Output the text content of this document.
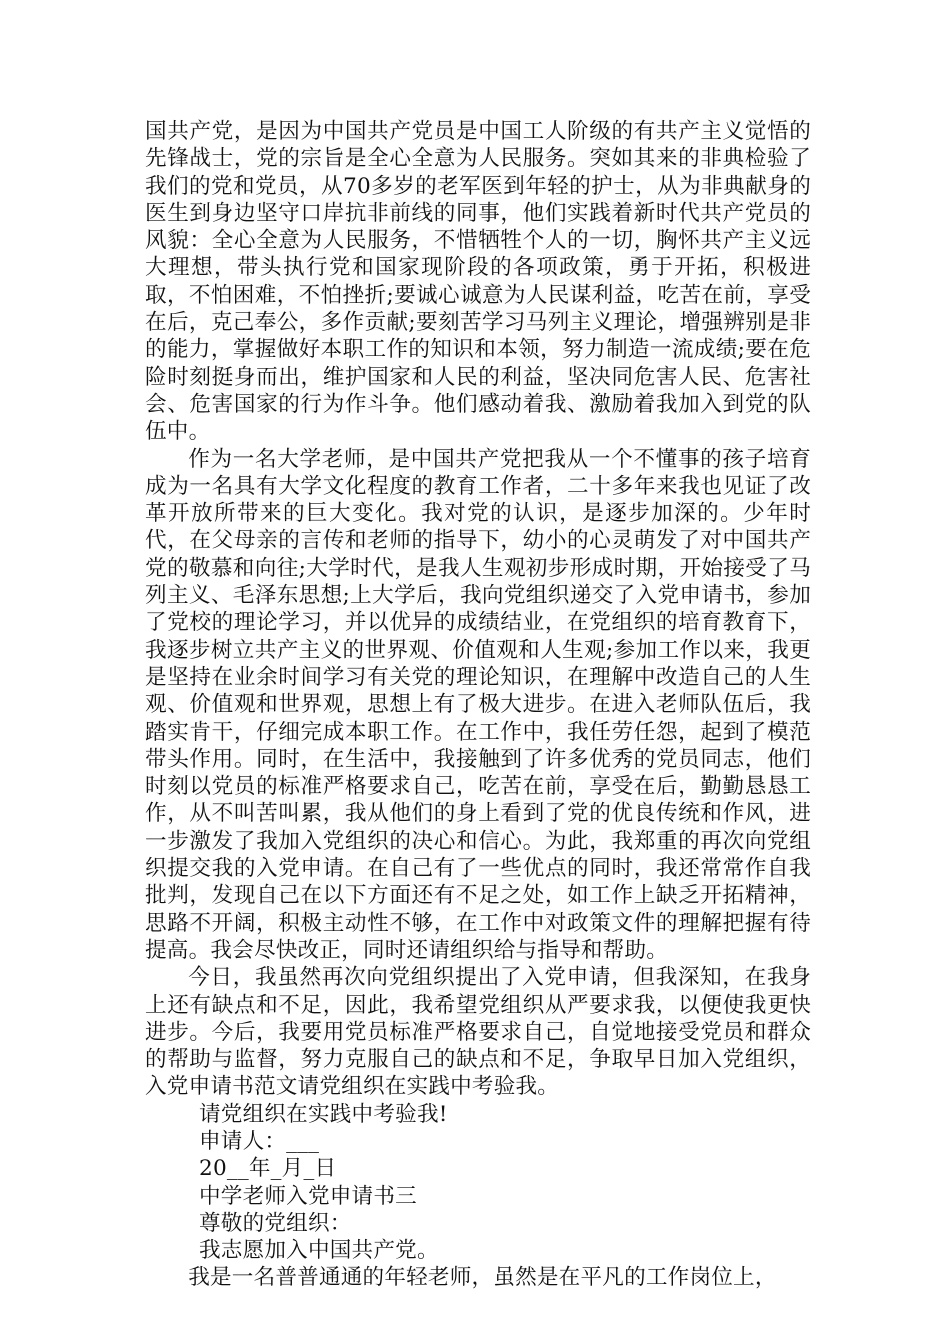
国共产党，是因为中国共产党员是中国工人阶级的有共产主义觉悟的先锋战士，党的宗旨是全心全意为人民服务。突如其来的非典检验了我们的党和党员，从70多岁的老军医到年轻的护士，从为非典献身的医生到身边坚守口岸抗非前线的同事，他们实践着新时代共产党员的风貌：全心全意为人民服务，不惜牺牲个人的一切，胸怀共产主义远大理想，带头执行党和国家现阶段的各项政策，勇于开拓，积极进取，不怕困难，不怕挫折;要诚心诚意为人民谋利益，吃苦在前，享受在后，克己奉公，多作贡献;要刻苦学习马列主义理论，增强辨别是非的能力，掌握做好本职工作的知识和本领，努力制造一流成绩;要在危险时刻挺身而出，维护国家和人民的利益，坚决同危害人民、危害社会、危害国家的行为作斗争。他们感动着我、激励着我加入到党的队伍中。

作为一名大学老师，是中国共产党把我从一个不懂事的孩子培育成为一名具有大学文化程度的教育工作者，二十多年来我也见证了改革开放所带来的巨大变化。我对党的认识，是逐步加深的。少年时代，在父母亲的言传和老师的指导下，幼小的心灵萌发了对中国共产党的敬慕和向往;大学时代，是我人生观初步形成时期，开始接受了马列主义、毛泽东思想;上大学后，我向党组织递交了入党申请书，参加了党校的理论学习，并以优异的成绩结业，在党组织的培育教育下，我逐步树立共产主义的世界观、价值观和人生观;参加工作以来，我更是坚持在业余时间学习有关党的理论知识，在理解中改造自己的人生观、价值观和世界观，思想上有了极大进步。在进入老师队伍后，我踏实肯干，仔细完成本职工作。在工作中，我任劳任怨，起到了模范带头作用。同时，在生活中，我接触到了许多优秀的党员同志，他们时刻以党员的标准严格要求自己，吃苦在前，享受在后，勤勤恳恳工作，从不叫苦叫累，我从他们的身上看到了党的优良传统和作风，进一步激发了我加入党组织的决心和信心。为此，我郑重的再次向党组织提交我的入党申请。在自己有了一些优点的同时，我还常常作自我批判，发现自己在以下方面还有不足之处，如工作上缺乏开拓精神，思路不开阔，积极主动性不够，在工作中对政策文件的理解把握有待提高。我会尽快改正，同时还请组织给与指导和帮助。

今日，我虽然再次向党组织提出了入党申请，但我深知，在我身上还有缺点和不足，因此，我希望党组织从严要求我，以便使我更快进步。今后，我要用党员标准严格要求自己，自觉地接受党员和群众的帮助与监督，努力克服自己的缺点和不足，争取早日加入党组织，入党申请书范文请党组织在实践中考验我。

请党组织在实践中考验我!

申请人：___

20__年_月_日

中学老师入党申请书三

尊敬的党组织：

我志愿加入中国共产党。

我是一名普普通通的年轻老师，虽然是在平凡的工作岗位上，
